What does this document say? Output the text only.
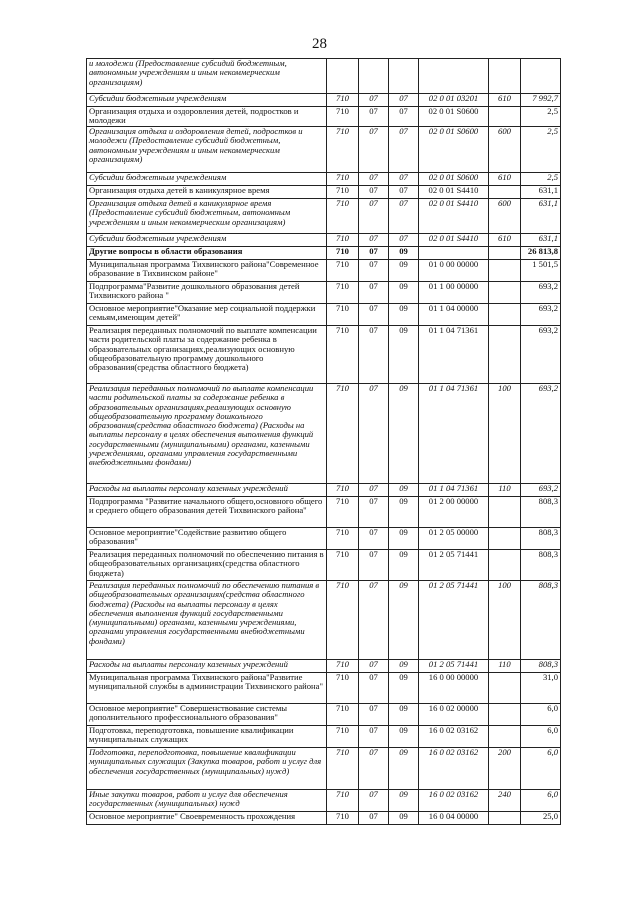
28
и молодежи (Предоставление субсидий бюджетным, автономным учреждениям и иным некоммерческим организациям)						
Субсидии бюджетным учреждениям	710	07	07	02 0 01 03201	610	7 992,7
Организация отдыха и оздоровления детей, подростков и молодежи	710	07	07	02 0 01 S0600		2,5
Организация отдыха и оздоровления детей, подростков и молодежи (Предоставление субсидий бюджетным, автономным учреждениям и иным некоммерческим организациям)	710	07	07	02 0 01 S0600	600	2,5
Субсидии бюджетным учреждениям	710	07	07	02 0 01 S0600	610	2,5
Организация отдыха детей в каникулярное время	710	07	07	02 0 01 S4410		631,1
Организация отдыха детей в каникулярное время (Предоставление субсидий бюджетным, автономным учреждениям и иным некоммерческим организациям)	710	07	07	02 0 01 S4410	600	631,1
Субсидии бюджетным учреждениям	710	07	07	02 0 01 S4410	610	631,1
Другие вопросы в области образования	710	07	09			26 813,8
Муниципальная программа Тихвинского района"Современное образование в Тихвинском районе"	710	07	09	01 0 00 00000		1 501,5
Подпрограмма"Развитие дошкольного образования детей Тихвинского района "	710	07	09	01 1 00 00000		693,2
Основное мероприятие"Оказание мер социальной поддержки семьям,имеющим детей"	710	07	09	01 1 04 00000		693,2
Реализация переданных полномочий по выплате компенсации части родительской платы за содержание ребенка в образовательных организациях,реализующих основную общеобразовательную программу дошкольного образования(средства областного бюджета)	710	07	09	01 1 04 71361		693,2
Реализация переданных полномочий по выплате компенсации части родительской платы за содержание ребенка в образовательных организациях,реализующих основную общеобразовательную программу дошкольного образования(средства областного бюджета) (Расходы на выплаты персоналу в целях обеспечения выполнения функций государственными (муниципальными) органами, казенными учреждениями, органами управления государственными внебюджетными фондами)	710	07	09	01 1 04 71361	100	693,2
Расходы на выплаты персоналу казенных учреждений	710	07	09	01 1 04 71361	110	693,2
Подпрограмма "Развитие начального общего,основного общего и среднего общего образования детей Тихвинского района"	710	07	09	01 2 00 00000		808,3
Основное мероприятие"Содействие развитию общего образования"	710	07	09	01 2 05 00000		808,3
Реализация переданных полномочий по обеспечению питания в общеобразовательных организациях(средства областного бюджета)	710	07	09	01 2 05 71441		808,3
Реализация переданных полномочий по обеспечению питания в общеобразовательных организациях(средства областного бюджета) (Расходы на выплаты персоналу в целях обеспечения выполнения функций государственными (муниципальными) органами, казенными учреждениями, органами управления государственными внебюджетными фондами)	710	07	09	01 2 05 71441	100	808,3
Расходы на выплаты персоналу казенных учреждений	710	07	09	01 2 05 71441	110	808,3
Муниципальная программа Тихвинского района"Развитие муниципальной службы в администрации Тихвинского района"	710	07	09	16 0 00 00000		31,0
Основное мероприятие" Совершенствование системы дополнительного профессионального образования"	710	07	09	16 0 02 00000		6,0
Подготовка, переподготовка, повышение квалификации муниципальных служащих	710	07	09	16 0 02 03162		6,0
Подготовка, переподготовка, повышение квалификации муниципальных служащих (Закупка товаров, работ и услуг для обеспечения государственных (муниципальных) нужд)	710	07	09	16 0 02 03162	200	6,0
Иные закупки товаров, работ и услуг для обеспечения государственных (муниципальных) нужд	710	07	09	16 0 02 03162	240	6,0
Основное мероприятие" Своевременность прохождения	710	07	09	16 0 04 00000		25,0
